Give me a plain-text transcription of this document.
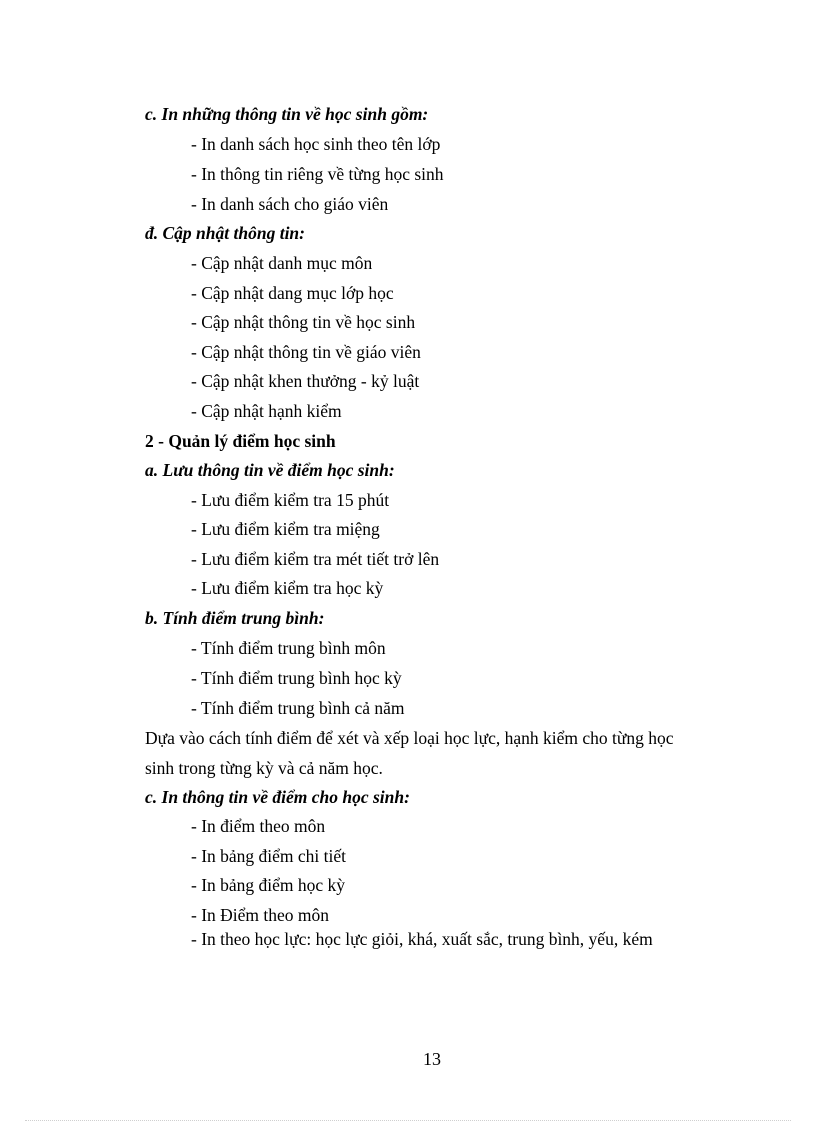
c. In những thông tin về học sinh gồm:
- In danh sách học sinh theo tên lớp
- In thông tin riêng về từng học sinh
- In danh sách cho giáo viên
đ. Cập nhật thông tin:
- Cập nhật danh mục môn
- Cập nhật dang mục lớp học
- Cập nhật thông tin về học sinh
- Cập nhật thông tin về giáo viên
- Cập nhật khen thưởng - kỷ luật
- Cập nhật hạnh kiểm
2 - Quản lý điểm học sinh
a. Lưu thông tin về điểm học sinh:
- Lưu điểm kiểm tra 15 phút
- Lưu điểm kiểm tra miệng
- Lưu điểm kiểm tra mét tiết trở lên
- Lưu điểm kiểm tra học kỳ
b. Tính điểm trung bình:
- Tính điểm trung bình môn
- Tính điểm trung bình học kỳ
- Tính điểm trung bình cả năm
Dựa vào cách tính điểm để xét và xếp loại học lực, hạnh kiểm cho từng học
sinh trong từng kỳ và cả năm học.
c. In thông tin về điểm cho học sinh:
- In điểm theo môn
- In bảng điểm chi tiết
- In bảng điểm học kỳ
- In Điểm theo môn
- In theo học lực: học lực giỏi, khá, xuất sắc, trung bình, yếu, kém
13
